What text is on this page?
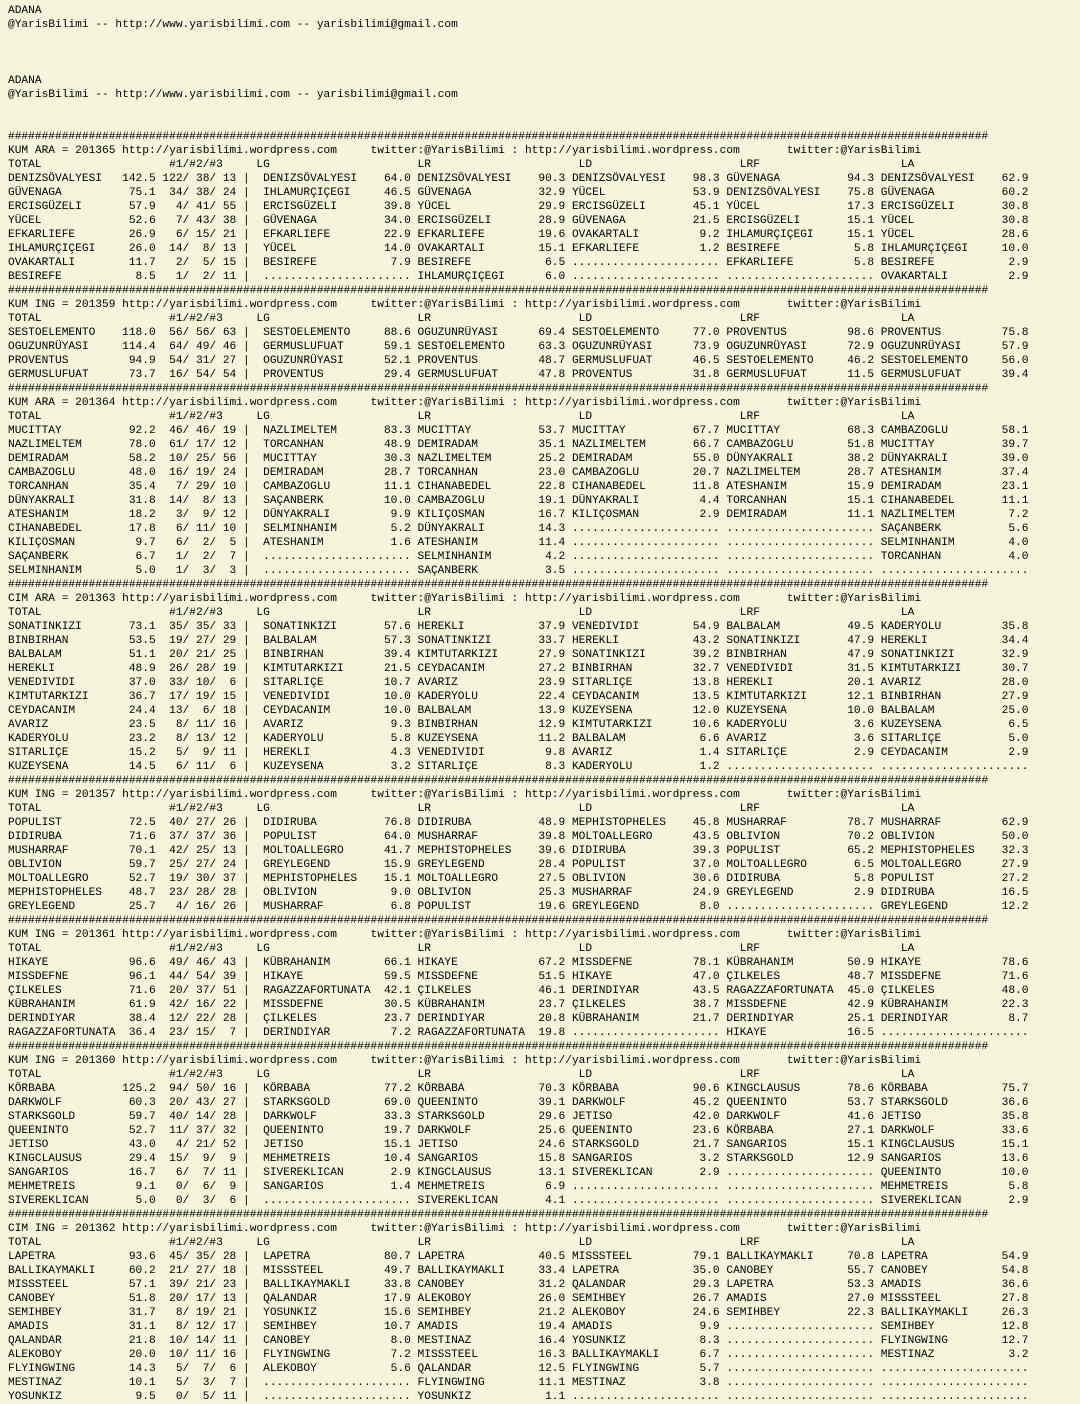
ADANA
@YarisBilimi -- http://www.yarisbilimi.com -- yarisbilimi@gmail.com
ADANA
@YarisBilimi -- http://www.yarisbilimi.com -- yarisbilimi@gmail.com
##################################################################################################################################################
KUM ARA = 201365 http://yarisbilimi.wordpress.com     twitter:@YarisBilimi : http://yarisbilimi.wordpress.com       twitter:@YarisBilimi
TOTAL                   #1/#2/#3     LG                      LR                      LD                      LRF                     LA
DENIZSÖVALYESI   142.5 122/ 38/ 13 |  DENIZSÖVALYESI    64.0 DENIZSÖVALYESI    90.3 DENIZSÖVALYESI    98.3 GÜVENAGA          94.3 DENIZSÖVALYESI    62.9
GÜVENAGA          75.1  34/ 38/ 24 |  IHLAMURÇIÇEGI     46.5 GÜVENAGA          32.9 YÜCEL             53.9 DENIZSÖVALYESI    75.8 GÜVENAGA          60.2
ERCISGÜZELI       57.9   4/ 41/ 55 |  ERCISGÜZELI       39.8 YÜCEL             29.9 ERCISGÜZELI       45.1 YÜCEL             17.3 ERCISGÜZELI       30.8
YÜCEL             52.6   7/ 43/ 38 |  GÜVENAGA          34.0 ERCISGÜZELI       28.9 GÜVENAGA          21.5 ERCISGÜZELI       15.1 YÜCEL             30.8
EFKARLIEFE        26.9   6/ 15/ 21 |  EFKARLIEFE        22.9 EFKARLIEFE        19.6 OVAKARTALI         9.2 IHLAMURÇIÇEGI     15.1 YÜCEL             28.6
IHLAMURÇIÇEGI     26.0  14/  8/ 13 |  YÜCEL             14.0 OVAKARTALI        15.1 EFKARLIEFE         1.2 BESIREFE           5.8 IHLAMURÇIÇEGI     10.0
OVAKARTALI        11.7   2/  5/ 15 |  BESIREFE           7.9 BESIREFE           6.5 ...................... EFKARLIEFE         5.8 BESIREFE           2.9
BESIREFE           8.5   1/  2/ 11 |  ...................... IHLAMURÇIÇEGI      6.0 ...................... ...................... OVAKARTALI         2.9
##################################################################################################################################################
KUM ING = 201359 http://yarisbilimi.wordpress.com     twitter:@YarisBilimi : http://yarisbilimi.wordpress.com       twitter:@YarisBilimi
TOTAL                   #1/#2/#3     LG                      LR                      LD                      LRF                     LA
SESTOELEMENTO    118.0  56/ 56/ 63 |  SESTOELEMENTO     88.6 OGUZUNRÜYASI      69.4 SESTOELEMENTO     77.0 PROVENTUS         98.6 PROVENTUS         75.8
OGUZUNRÜYASI     114.4  64/ 49/ 46 |  GERMUSLUFUAT      59.1 SESTOELEMENTO     63.3 OGUZUNRÜYASI      73.9 OGUZUNRÜYASI      72.9 OGUZUNRÜYASI      57.9
PROVENTUS         94.9  54/ 31/ 27 |  OGUZUNRÜYASI      52.1 PROVENTUS         48.7 GERMUSLUFUAT      46.5 SESTOELEMENTO     46.2 SESTOELEMENTO     56.0
GERMUSLUFUAT      73.7  16/ 54/ 54 |  PROVENTUS         29.4 GERMUSLUFUAT      47.8 PROVENTUS         31.8 GERMUSLUFUAT      11.5 GERMUSLUFUAT      39.4
##################################################################################################################################################
KUM ARA = 201364 http://yarisbilimi.wordpress.com     twitter:@YarisBilimi : http://yarisbilimi.wordpress.com       twitter:@YarisBilimi
TOTAL                   #1/#2/#3     LG                      LR                      LD                      LRF                     LA
MUCITTAY          92.2  46/ 46/ 19 |  NAZLIMELTEM       83.3 MUCITTAY          53.7 MUCITTAY          67.7 MUCITTAY          68.3 CAMBAZOGLU        58.1
NAZLIMELTEM       78.0  61/ 17/ 12 |  TORCANHAN         48.9 DEMIRADAM         35.1 NAZLIMELTEM       66.7 CAMBAZOGLU        51.8 MUCITTAY          39.7
DEMIRADAM         58.2  10/ 25/ 56 |  MUCITTAY          30.3 NAZLIMELTEM       25.2 DEMIRADAM         55.0 DÜNYAKRALI        38.2 DÜNYAKRALI        39.0
CAMBAZOGLU        48.0  16/ 19/ 24 |  DEMIRADAM         28.7 TORCANHAN         23.0 CAMBAZOGLU        20.7 NAZLIMELTEM       28.7 ATESHANIM         37.4
TORCANHAN         35.4   7/ 29/ 10 |  CAMBAZOGLU        11.1 CIHANABEDEL       22.8 CIHANABEDEL       11.8 ATESHANIM         15.9 DEMIRADAM         23.1
DÜNYAKRALI        31.8  14/  8/ 13 |  SAÇANBERK         10.0 CAMBAZOGLU        19.1 DÜNYAKRALI         4.4 TORCANHAN         15.1 CIHANABEDEL       11.1
ATESHANIM         18.2   3/  9/ 12 |  DÜNYAKRALI         9.9 KILIÇOSMAN        16.7 KILIÇOSMAN         2.9 DEMIRADAM         11.1 NAZLIMELTEM        7.2
CIHANABEDEL       17.8   6/ 11/ 10 |  SELMINHANIM        5.2 DÜNYAKRALI        14.3 ...................... ...................... SAÇANBERK          5.6
KILIÇOSMAN         9.7   6/  2/  5 |  ATESHANIM          1.6 ATESHANIM         11.4 ...................... ...................... SELMINHANIM        4.0
SAÇANBERK          6.7   1/  2/  7 |  ...................... SELMINHANIM        4.2 ...................... ...................... TORCANHAN          4.0
SELMINHANIM        5.0   1/  3/  3 |  ...................... SAÇANBERK          3.5 ...................... ...................... ......................
##################################################################################################################################################
CIM ARA = 201363 http://yarisbilimi.wordpress.com     twitter:@YarisBilimi : http://yarisbilimi.wordpress.com       twitter:@YarisBilimi
TOTAL                   #1/#2/#3     LG                      LR                      LD                      LRF                     LA
SONATINKIZI       73.1  35/ 35/ 33 |  SONATINKIZI       57.6 HEREKLI           37.9 VENEDIVIDI        54.9 BALBALAM          49.5 KADERYOLU         35.8
BINBIRHAN         53.5  19/ 27/ 29 |  BALBALAM          57.3 SONATINKIZI       33.7 HEREKLI           43.2 SONATINKIZI       47.9 HEREKLI           34.4
BALBALAM          51.1  20/ 21/ 25 |  BINBIRHAN         39.4 KIMTUTARKIZI      27.9 SONATINKIZI       39.2 BINBIRHAN         47.9 SONATINKIZI       32.9
HEREKLI           48.9  26/ 28/ 19 |  KIMTUTARKIZI      21.5 CEYDACANIM        27.2 BINBIRHAN         32.7 VENEDIVIDI        31.5 KIMTUTARKIZI      30.7
VENEDIVIDI        37.0  33/ 10/  6 |  SITARLIÇE         10.7 AVARIZ            23.9 SITARLIÇE         13.8 HEREKLI           20.1 AVARIZ            28.0
KIMTUTARKIZI      36.7  17/ 19/ 15 |  VENEDIVIDI        10.0 KADERYOLU         22.4 CEYDACANIM        13.5 KIMTUTARKIZI      12.1 BINBIRHAN         27.9
CEYDACANIM        24.4  13/  6/ 18 |  CEYDACANIM        10.0 BALBALAM          13.9 KUZEYSENA         12.0 KUZEYSENA         10.0 BALBALAM          25.0
AVARIZ            23.5   8/ 11/ 16 |  AVARIZ             9.3 BINBIRHAN         12.9 KIMTUTARKIZI      10.6 KADERYOLU          3.6 KUZEYSENA          6.5
KADERYOLU         23.2   8/ 13/ 12 |  KADERYOLU          5.8 KUZEYSENA         11.2 BALBALAM           6.6 AVARIZ             3.6 SITARLIÇE          5.0
SITARLIÇE         15.2   5/  9/ 11 |  HEREKLI            4.3 VENEDIVIDI         9.8 AVARIZ             1.4 SITARLIÇE          2.9 CEYDACANIM         2.9
KUZEYSENA         14.5   6/ 11/  6 |  KUZEYSENA          3.2 SITARLIÇE          8.3 KADERYOLU          1.2 ...................... ......................
##################################################################################################################################################
KUM ING = 201357 http://yarisbilimi.wordpress.com     twitter:@YarisBilimi : http://yarisbilimi.wordpress.com       twitter:@YarisBilimi
TOTAL                   #1/#2/#3     LG                      LR                      LD                      LRF                     LA
POPULIST          72.5  40/ 27/ 26 |  DIDIRUBA          76.8 DIDIRUBA          48.9 MEPHISTOPHELES    45.8 MUSHARRAF         78.7 MUSHARRAF         62.9
DIDIRUBA          71.6  37/ 37/ 36 |  POPULIST          64.0 MUSHARRAF         39.8 MOLTOALLEGRO      43.5 OBLIVION          70.2 OBLIVION          50.0
MUSHARRAF         70.1  42/ 25/ 13 |  MOLTOALLEGRO      41.7 MEPHISTOPHELES    39.6 DIDIRUBA          39.3 POPULIST          65.2 MEPHISTOPHELES    32.3
OBLIVION          59.7  25/ 27/ 24 |  GREYLEGEND        15.9 GREYLEGEND        28.4 POPULIST          37.0 MOLTOALLEGRO       6.5 MOLTOALLEGRO      27.9
MOLTOALLEGRO      52.7  19/ 30/ 37 |  MEPHISTOPHELES    15.1 MOLTOALLEGRO      27.5 OBLIVION          30.6 DIDIRUBA           5.8 POPULIST          27.2
MEPHISTOPHELES    48.7  23/ 28/ 28 |  OBLIVION           9.0 OBLIVION          25.3 MUSHARRAF         24.9 GREYLEGEND         2.9 DIDIRUBA          16.5
GREYLEGEND        25.7   4/ 16/ 26 |  MUSHARRAF          6.8 POPULIST          19.6 GREYLEGEND         8.0 ...................... GREYLEGEND        12.2
##################################################################################################################################################
KUM ING = 201361 http://yarisbilimi.wordpress.com     twitter:@YarisBilimi : http://yarisbilimi.wordpress.com       twitter:@YarisBilimi
TOTAL                   #1/#2/#3     LG                      LR                      LD                      LRF                     LA
HIKAYE            96.6  49/ 46/ 43 |  KÜBRAHANIM        66.1 HIKAYE            67.2 MISSDEFNE         78.1 KÜBRAHANIM        50.9 HIKAYE            78.6
MISSDEFNE         96.1  44/ 54/ 39 |  HIKAYE            59.5 MISSDEFNE         51.5 HIKAYE            47.0 ÇILKELES          48.7 MISSDEFNE         71.6
ÇILKELES          71.6  20/ 37/ 51 |  RAGAZZAFORTUNATA  42.1 ÇILKELES          46.1 DERINDIYAR        43.5 RAGAZZAFORTUNATA  45.0 ÇILKELES          48.0
KÜBRAHANIM        61.9  42/ 16/ 22 |  MISSDEFNE         30.5 KÜBRAHANIM        23.7 ÇILKELES          38.7 MISSDEFNE         42.9 KÜBRAHANIM        22.3
DERINDIYAR        38.4  12/ 22/ 28 |  ÇILKELES          23.7 DERINDIYAR        20.8 KÜBRAHANIM        21.7 DERINDIYAR        25.1 DERINDIYAR         8.7
RAGAZZAFORTUNATA  36.4  23/ 15/  7 |  DERINDIYAR         7.2 RAGAZZAFORTUNATA  19.8 ...................... HIKAYE            16.5 ......................
##################################################################################################################################################
KUM ING = 201360 http://yarisbilimi.wordpress.com     twitter:@YarisBilimi : http://yarisbilimi.wordpress.com       twitter:@YarisBilimi
TOTAL                   #1/#2/#3     LG                      LR                      LD                      LRF                     LA
KÖRBABA          125.2  94/ 50/ 16 |  KÖRBABA           77.2 KÖRBABA           70.3 KÖRBABA           90.6 KINGCLAUSUS       78.6 KÖRBABA           75.7
DARKWOLF          60.3  20/ 43/ 27 |  STARKSGOLD        69.0 QUEENINTO         39.1 DARKWOLF          45.2 QUEENINTO         53.7 STARKSGOLD        36.6
STARKSGOLD        59.7  40/ 14/ 28 |  DARKWOLF          33.3 STARKSGOLD        29.6 JETISO            42.0 DARKWOLF          41.6 JETISO            35.8
QUEENINTO         52.7  11/ 37/ 32 |  QUEENINTO         19.7 DARKWOLF          25.6 QUEENINTO         23.6 KÖRBABA           27.1 DARKWOLF          33.6
JETISO            43.0   4/ 21/ 52 |  JETISO            15.1 JETISO            24.6 STARKSGOLD        21.7 SANGARIOS         15.1 KINGCLAUSUS       15.1
KINGCLAUSUS       29.4  15/  9/  9 |  MEHMETREIS        10.4 SANGARIOS         15.8 SANGARIOS          3.2 STARKSGOLD        12.9 SANGARIOS         13.6
SANGARIOS         16.7   6/  7/ 11 |  SIVEREKLICAN       2.9 KINGCLAUSUS       13.1 SIVEREKLICAN       2.9 ...................... QUEENINTO         10.0
MEHMETREIS         9.1   0/  6/  9 |  SANGARIOS          1.4 MEHMETREIS         6.9 ...................... ...................... MEHMETREIS         5.8
SIVEREKLICAN       5.0   0/  3/  6 |  ...................... SIVEREKLICAN       4.1 ...................... ...................... SIVEREKLICAN       2.9
##################################################################################################################################################
CIM ING = 201362 http://yarisbilimi.wordpress.com     twitter:@YarisBilimi : http://yarisbilimi.wordpress.com       twitter:@YarisBilimi
TOTAL                   #1/#2/#3     LG                      LR                      LD                      LRF                     LA
LAPETRA           93.6  45/ 35/ 28 |  LAPETRA           80.7 LAPETRA           40.5 MISSSTEEL         79.1 BALLIKAYMAKLI     70.8 LAPETRA           54.9
BALLIKAYMAKLI     60.2  21/ 27/ 18 |  MISSSTEEL         49.7 BALLIKAYMAKLI     33.4 LAPETRA           35.0 CANOBEY           55.7 CANOBEY           54.8
MISSSTEEL         57.1  39/ 21/ 23 |  BALLIKAYMAKLI     33.8 CANOBEY           31.2 QALANDAR          29.3 LAPETRA           53.3 AMADIS            36.6
CANOBEY           51.8  20/ 17/ 13 |  QALANDAR          17.9 ALEKOBOY          26.0 SEMIHBEY          26.7 AMADIS            27.0 MISSSTEEL         27.8
SEMIHBEY          31.7   8/ 19/ 21 |  YOSUNKIZ          15.6 SEMIHBEY          21.2 ALEKOBOY          24.6 SEMIHBEY          22.3 BALLIKAYMAKLI     26.3
AMADIS            31.1   8/ 12/ 17 |  SEMIHBEY          10.7 AMADIS            19.4 AMADIS             9.9 ...................... SEMIHBEY          12.8
QALANDAR          21.8  10/ 14/ 11 |  CANOBEY            8.0 MESTINAZ          16.4 YOSUNKIZ           8.3 ...................... FLYINGWING        12.7
ALEKOBOY          20.0  10/ 11/ 16 |  FLYINGWING         7.2 MISSSTEEL         16.3 BALLIKAYMAKLI      6.7 ...................... MESTINAZ           3.2
FLYINGWING        14.3   5/  7/  6 |  ALEKOBOY           5.6 QALANDAR          12.5 FLYINGWING         5.7 ...................... ......................
MESTINAZ          10.1   5/  3/  7 |  ...................... FLYINGWING        11.1 MESTINAZ           3.8 ...................... ......................
YOSUNKIZ           9.5   0/  5/ 11 |  ...................... YOSUNKIZ           1.1 ...................... ...................... ......................
